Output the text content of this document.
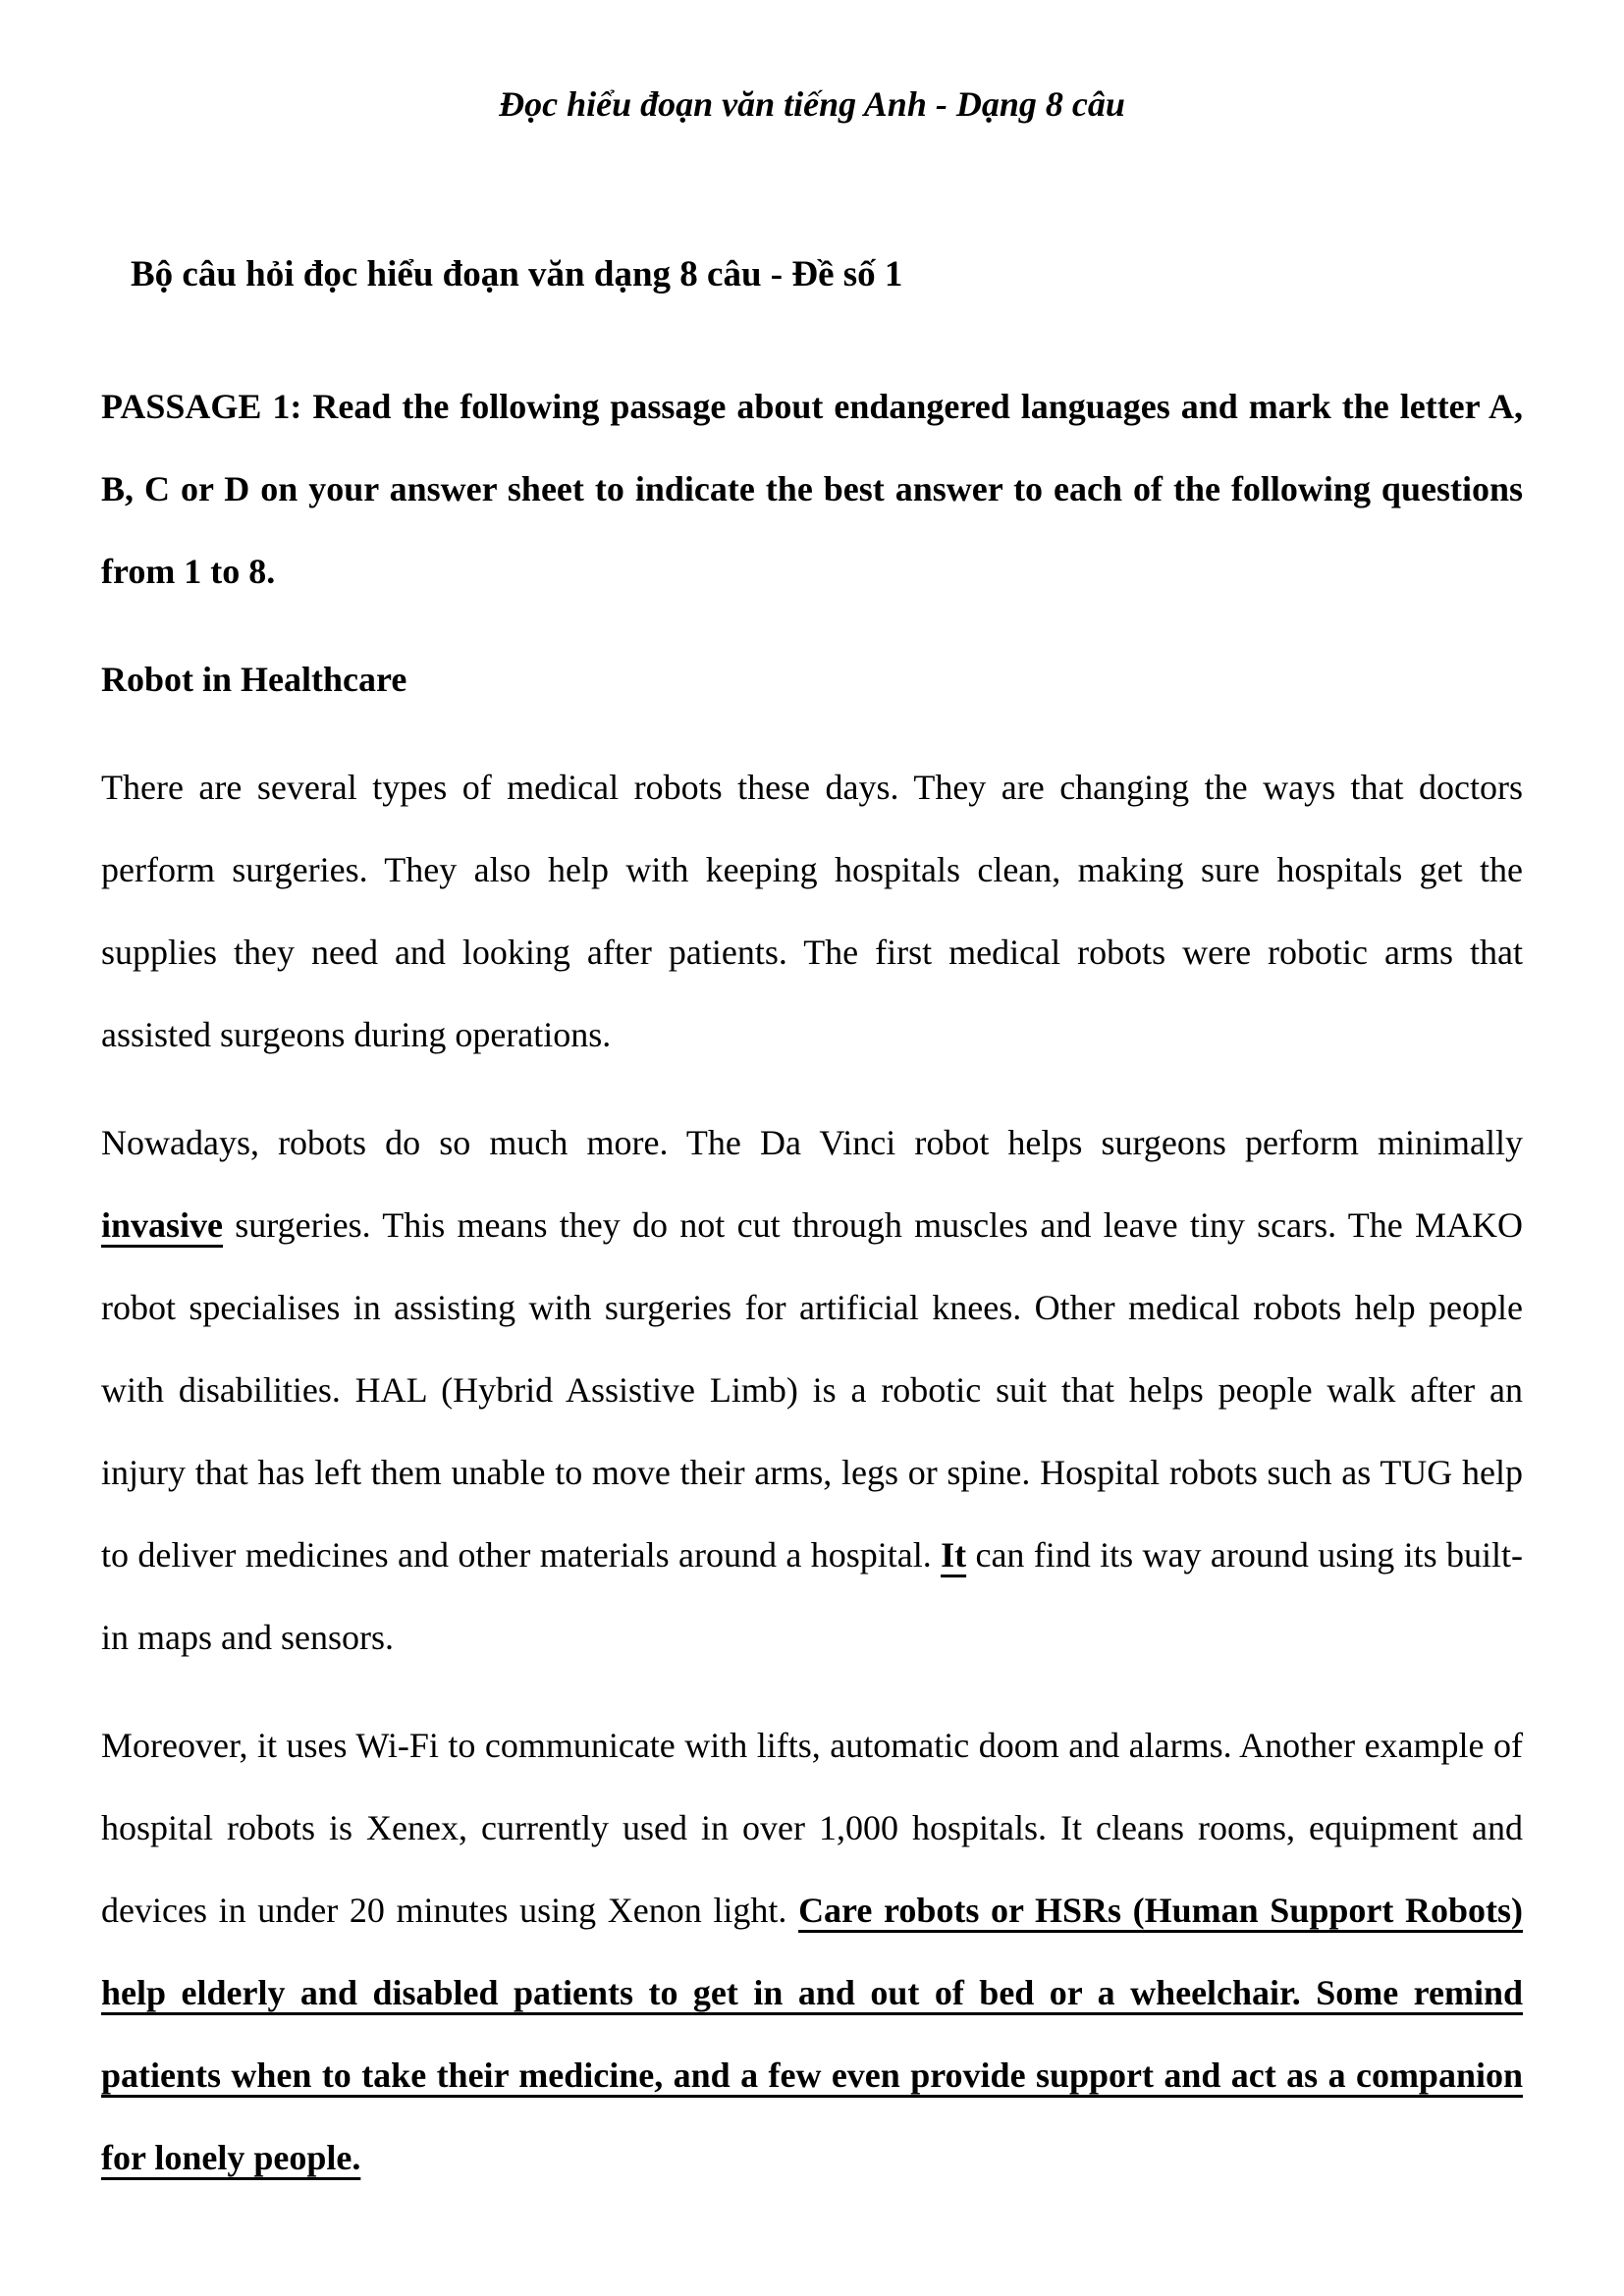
Đọc hiểu đoạn văn tiếng Anh - Dạng 8 câu
Bộ câu hỏi đọc hiểu đoạn văn dạng 8 câu - Đề số 1

PASSAGE 1: Read the following passage about endangered languages and mark the letter A, B, C or D on your answer sheet to indicate the best answer to each of the following questions from 1 to 8.

Robot in Healthcare

There are several types of medical robots these days. They are changing the ways that doctors perform surgeries. They also help with keeping hospitals clean, making sure hospitals get the supplies they need and looking after patients. The first medical robots were robotic arms that assisted surgeons during operations.

Nowadays, robots do so much more. The Da Vinci robot helps surgeons perform minimally invasive surgeries. This means they do not cut through muscles and leave tiny scars. The MAKO robot specialises in assisting with surgeries for artificial knees. Other medical robots help people with disabilities. HAL (Hybrid Assistive Limb) is a robotic suit that helps people walk after an injury that has left them unable to move their arms, legs or spine. Hospital robots such as TUG help to deliver medicines and other materials around a hospital. It can find its way around using its built-in maps and sensors.

Moreover, it uses Wi-Fi to communicate with lifts, automatic doom and alarms. Another example of hospital robots is Xenex, currently used in over 1,000 hospitals. It cleans rooms, equipment and devices in under 20 minutes using Xenon light. Care robots or HSRs (Human Support Robots) help elderly and disabled patients to get in and out of bed or a wheelchair. Some remind patients when to take their medicine, and a few even provide support and act as a companion for lonely people.
